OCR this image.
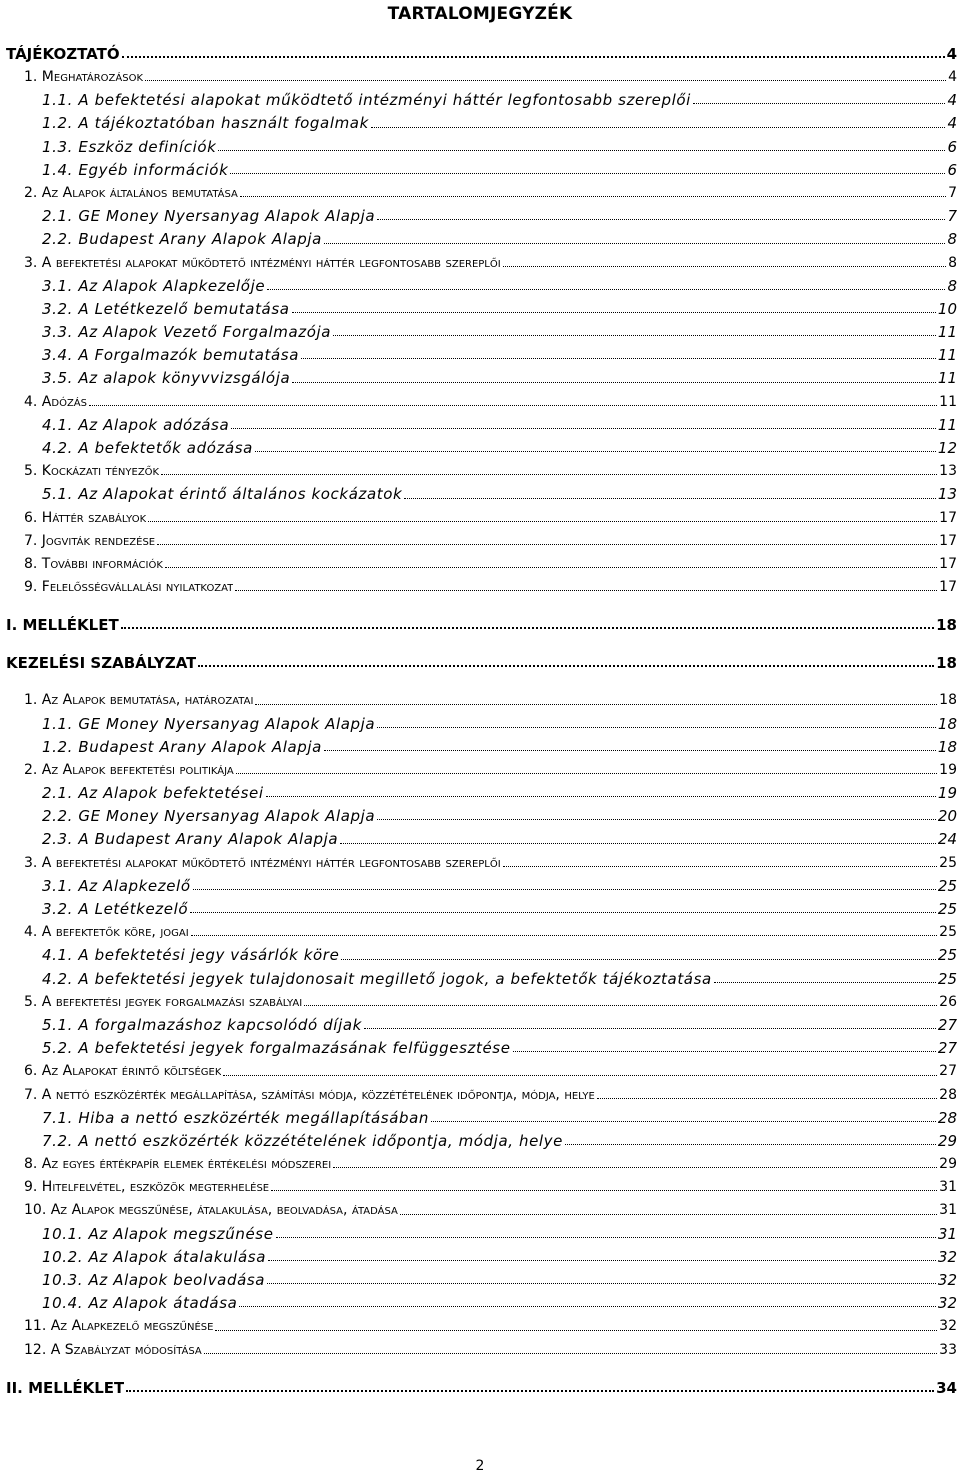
TARTALOMJEGYZÉK
TÁJÉKOZTATÓ	4
1. Meghatározások	4
1.1. A befektetési alapokat működtető intézményi háttér legfontosabb szereplői	4
1.2. A tájékoztatóban használt fogalmak	4
1.3. Eszköz definíciók	6
1.4. Egyéb információk	6
2. Az Alapok általános bemutatása	7
2.1. GE Money Nyersanyag Alapok Alapja	7
2.2. Budapest Arany Alapok Alapja	8
3. A befektetési alapokat működtető intézményi háttér legfontosabb szereplői	8
3.1. Az Alapok Alapkezelője	8
3.2. A Letétkezelő bemutatása	10
3.3. Az Alapok Vezető Forgalmazója	11
3.4. A Forgalmazók bemutatása	11
3.5. Az alapok könyvvizsgálója	11
4. Adózás	11
4.1. Az Alapok adózása	11
4.2. A befektetők adózása	12
5. Kockázati tényezők	13
5.1. Az Alapokat érintő általános kockázatok	13
6. Háttér szabályok	17
7. Jogviták rendezése	17
8. További információk	17
9. Felelősségvállalási nyilatkozat	17
I. MELLÉKLET	18
KEZELÉSI SZABÁLYZAT	18
1. Az Alapok bemutatása, határozatai	18
1.1. GE Money Nyersanyag Alapok Alapja	18
1.2. Budapest Arany Alapok Alapja	18
2. Az Alapok befektetési politikája	19
2.1. Az Alapok befektetései	19
2.2. GE Money Nyersanyag Alapok Alapja	20
2.3. A Budapest Arany Alapok Alapja	24
3. A befektetési alapokat működtető intézményi háttér legfontosabb szereplői	25
3.1. Az Alapkezelő	25
3.2. A Letétkezelő	25
4. A befektetők köre, jogai	25
4.1. A befektetési jegy vásárlók köre	25
4.2. A befektetési jegyek tulajdonosait megillető jogok, a befektetők tájékoztatása	25
5. A befektetési jegyek forgalmazási szabályai	26
5.1. A forgalmazáshoz kapcsolódó díjak	27
5.2. A befektetési jegyek forgalmazásának felfüggesztése	27
6. Az Alapokat érintő költségek	27
7. A nettó eszközérték megállapítása, számítási módja, közzétételének időpontja, módja, helye	28
7.1. Hiba a nettó eszközérték megállapításában	28
7.2. A nettó eszközérték közzétételének időpontja, módja, helye	29
8. Az egyes értékpapír elemek értékelési módszerei	29
9. Hitelfelvétel, eszközök megterhelése	31
10. Az Alapok megszűnése, átalakulása, beolvadása, átadása	31
10.1. Az Alapok megszűnése	31
10.2. Az Alapok átalakulása	32
10.3. Az Alapok beolvadása	32
10.4. Az Alapok átadása	32
11. Az Alapkezelő megszűnése	32
12. A Szabályzat módosítása	33
II. MELLÉKLET	34
2
